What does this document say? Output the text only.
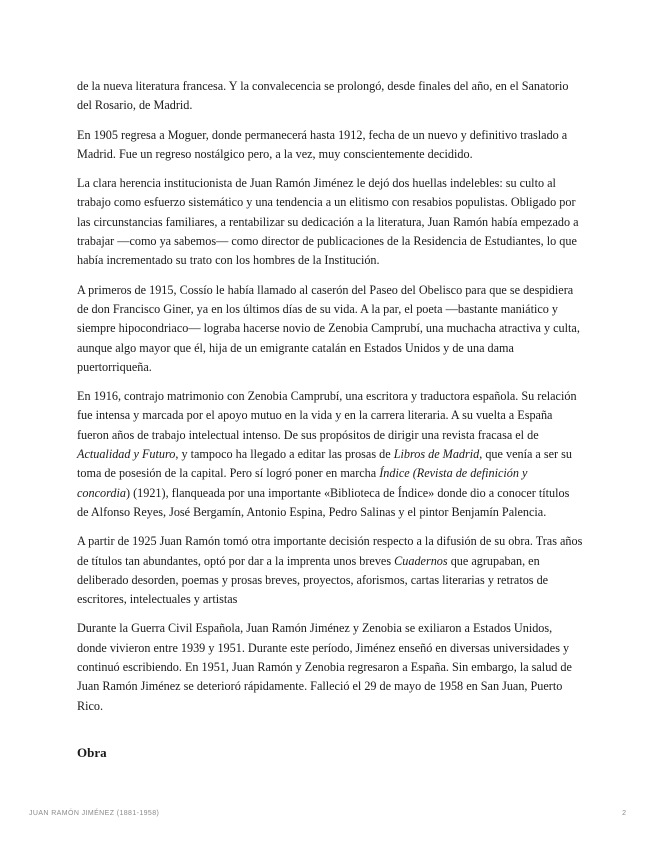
de la nueva literatura francesa. Y la convalecencia se prolongó, desde finales del año, en el Sanatorio del Rosario, de Madrid.

En 1905 regresa a Moguer, donde permanecerá hasta 1912, fecha de un nuevo y definitivo traslado a Madrid. Fue un regreso nostálgico pero, a la vez, muy conscientemente decidido.

La clara herencia institucionista de Juan Ramón Jiménez le dejó dos huellas indelebles: su culto al trabajo como esfuerzo sistemático y una tendencia a un elitismo con resabios populistas. Obligado por las circunstancias familiares, a rentabilizar su dedicación a la literatura, Juan Ramón había empezado a trabajar —como ya sabemos— como director de publicaciones de la Residencia de Estudiantes, lo que había incrementado su trato con los hombres de la Institución.

A primeros de 1915, Cossío le había llamado al caserón del Paseo del Obelisco para que se despidiera de don Francisco Giner, ya en los últimos días de su vida. A la par, el poeta —bastante maniático y siempre hipocondriaco— lograba hacerse novio de Zenobia Camprubí, una muchacha atractiva y culta, aunque algo mayor que él, hija de un emigrante catalán en Estados Unidos y de una dama puertorriqueña.

En 1916, contrajo matrimonio con Zenobia Camprubí, una escritora y traductora española. Su relación fue intensa y marcada por el apoyo mutuo en la vida y en la carrera literaria. A su vuelta a España fueron años de trabajo intelectual intenso. De sus propósitos de dirigir una revista fracasa el de Actualidad y Futuro, y tampoco ha llegado a editar las prosas de Libros de Madrid, que venía a ser su toma de posesión de la capital. Pero sí logró poner en marcha Índice (Revista de definición y concordia) (1921), flanqueada por una importante «Biblioteca de Índice» donde dio a conocer títulos de Alfonso Reyes, José Bergamín, Antonio Espina, Pedro Salinas y el pintor Benjamín Palencia.

A partir de 1925 Juan Ramón tomó otra importante decisión respecto a la difusión de su obra. Tras años de títulos tan abundantes, optó por dar a la imprenta unos breves Cuadernos que agrupaban, en deliberado desorden, poemas y prosas breves, proyectos, aforismos, cartas literarias y retratos de escritores, intelectuales y artistas

Durante la Guerra Civil Española, Juan Ramón Jiménez y Zenobia se exiliaron a Estados Unidos, donde vivieron entre 1939 y 1951. Durante este período, Jiménez enseñó en diversas universidades y continuó escribiendo. En 1951, Juan Ramón y Zenobia regresaron a España. Sin embargo, la salud de Juan Ramón Jiménez se deterioró rápidamente. Falleció el 29 de mayo de 1958 en San Juan, Puerto Rico.

Obra
JUAN RAMÓN JIMÉNEZ (1881-1958)	2
